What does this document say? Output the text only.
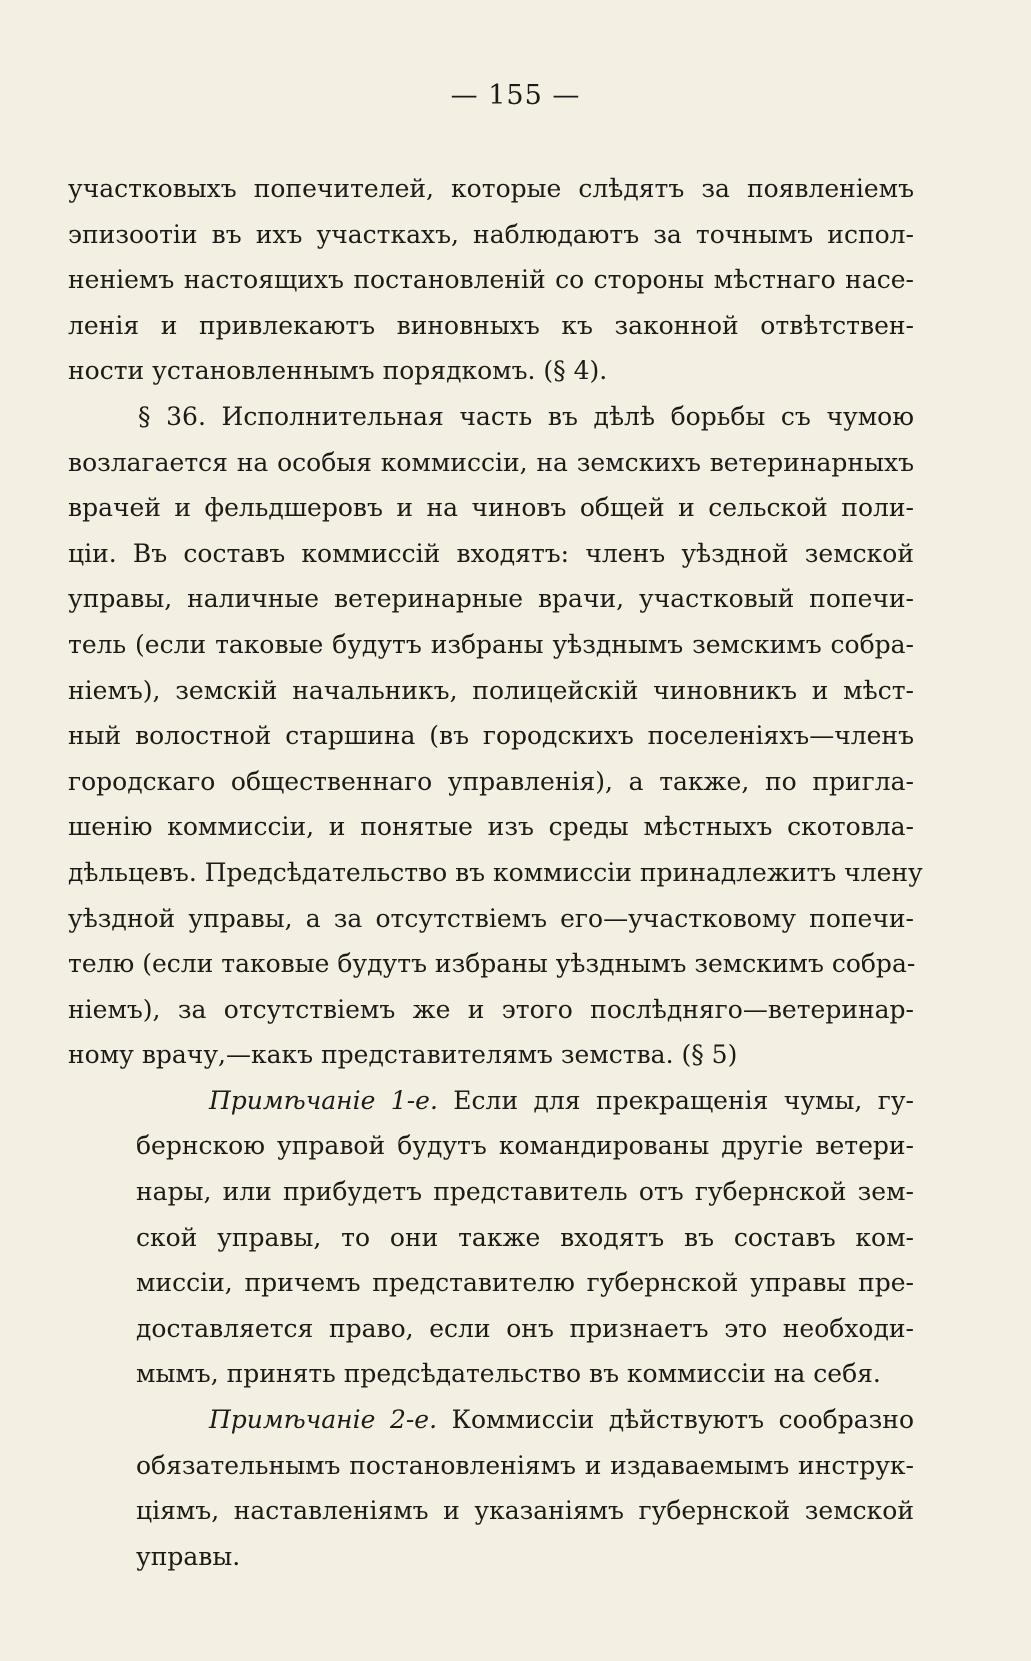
— 155 —
участковыхъ попечителей, которые слѣдятъ за появленіемъ
эпизоотіи въ ихъ участкахъ, наблюдаютъ за точнымъ испол-
неніемъ настоящихъ постановленій со стороны мѣстнаго насе-
ленія и привлекаютъ виновныхъ къ законной отвѣтствен-
ности установленнымъ порядкомъ. (§ 4).
§ 36. Исполнительная часть въ дѣлѣ борьбы съ чумою
возлагается на особыя коммиссіи, на земскихъ ветеринарныхъ
врачей и фельдшеровъ и на чиновъ общей и сельской поли-
ціи. Въ составъ коммиссій входятъ: членъ уѣздной земской
управы, наличные ветеринарные врачи, участковый попечи-
тель (если таковые будутъ избраны уѣзднымъ земскимъ собра-
ніемъ), земскій начальникъ, полицейскій чиновникъ и мѣст-
ный волостной старшина (въ городскихъ поселеніяхъ—членъ
городскаго общественнаго управленія), а также, по пригла-
шенію коммиссіи, и понятые изъ среды мѣстныхъ скотовла-
дѣльцевъ. Предсѣдательство въ коммиссіи принадлежитъ члену
уѣздной управы, а за отсутствіемъ его—участковому попечи-
телю (если таковые будутъ избраны уѣзднымъ земскимъ собра-
ніемъ), за отсутствіемъ же и этого послѣдняго—ветеринар-
ному врачу,—какъ представителямъ земства. (§ 5)
Примѣчаніе 1-е. Если для прекращенія чумы, гу-
бернскою управой будутъ командированы другіе ветери-
нары, или прибудетъ представитель отъ губернской зем-
ской управы, то они также входятъ въ составъ ком-
миссіи, причемъ представителю губернской управы пре-
доставляется право, если онъ признаетъ это необходи-
мымъ, принять предсѣдательство въ коммиссіи на себя.
Примѣчаніе 2-е. Коммиссіи дѣйствуютъ сообразно
обязательнымъ постановленіямъ и издаваемымъ инструк-
ціямъ, наставленіямъ и указаніямъ губернской земской
управы.
